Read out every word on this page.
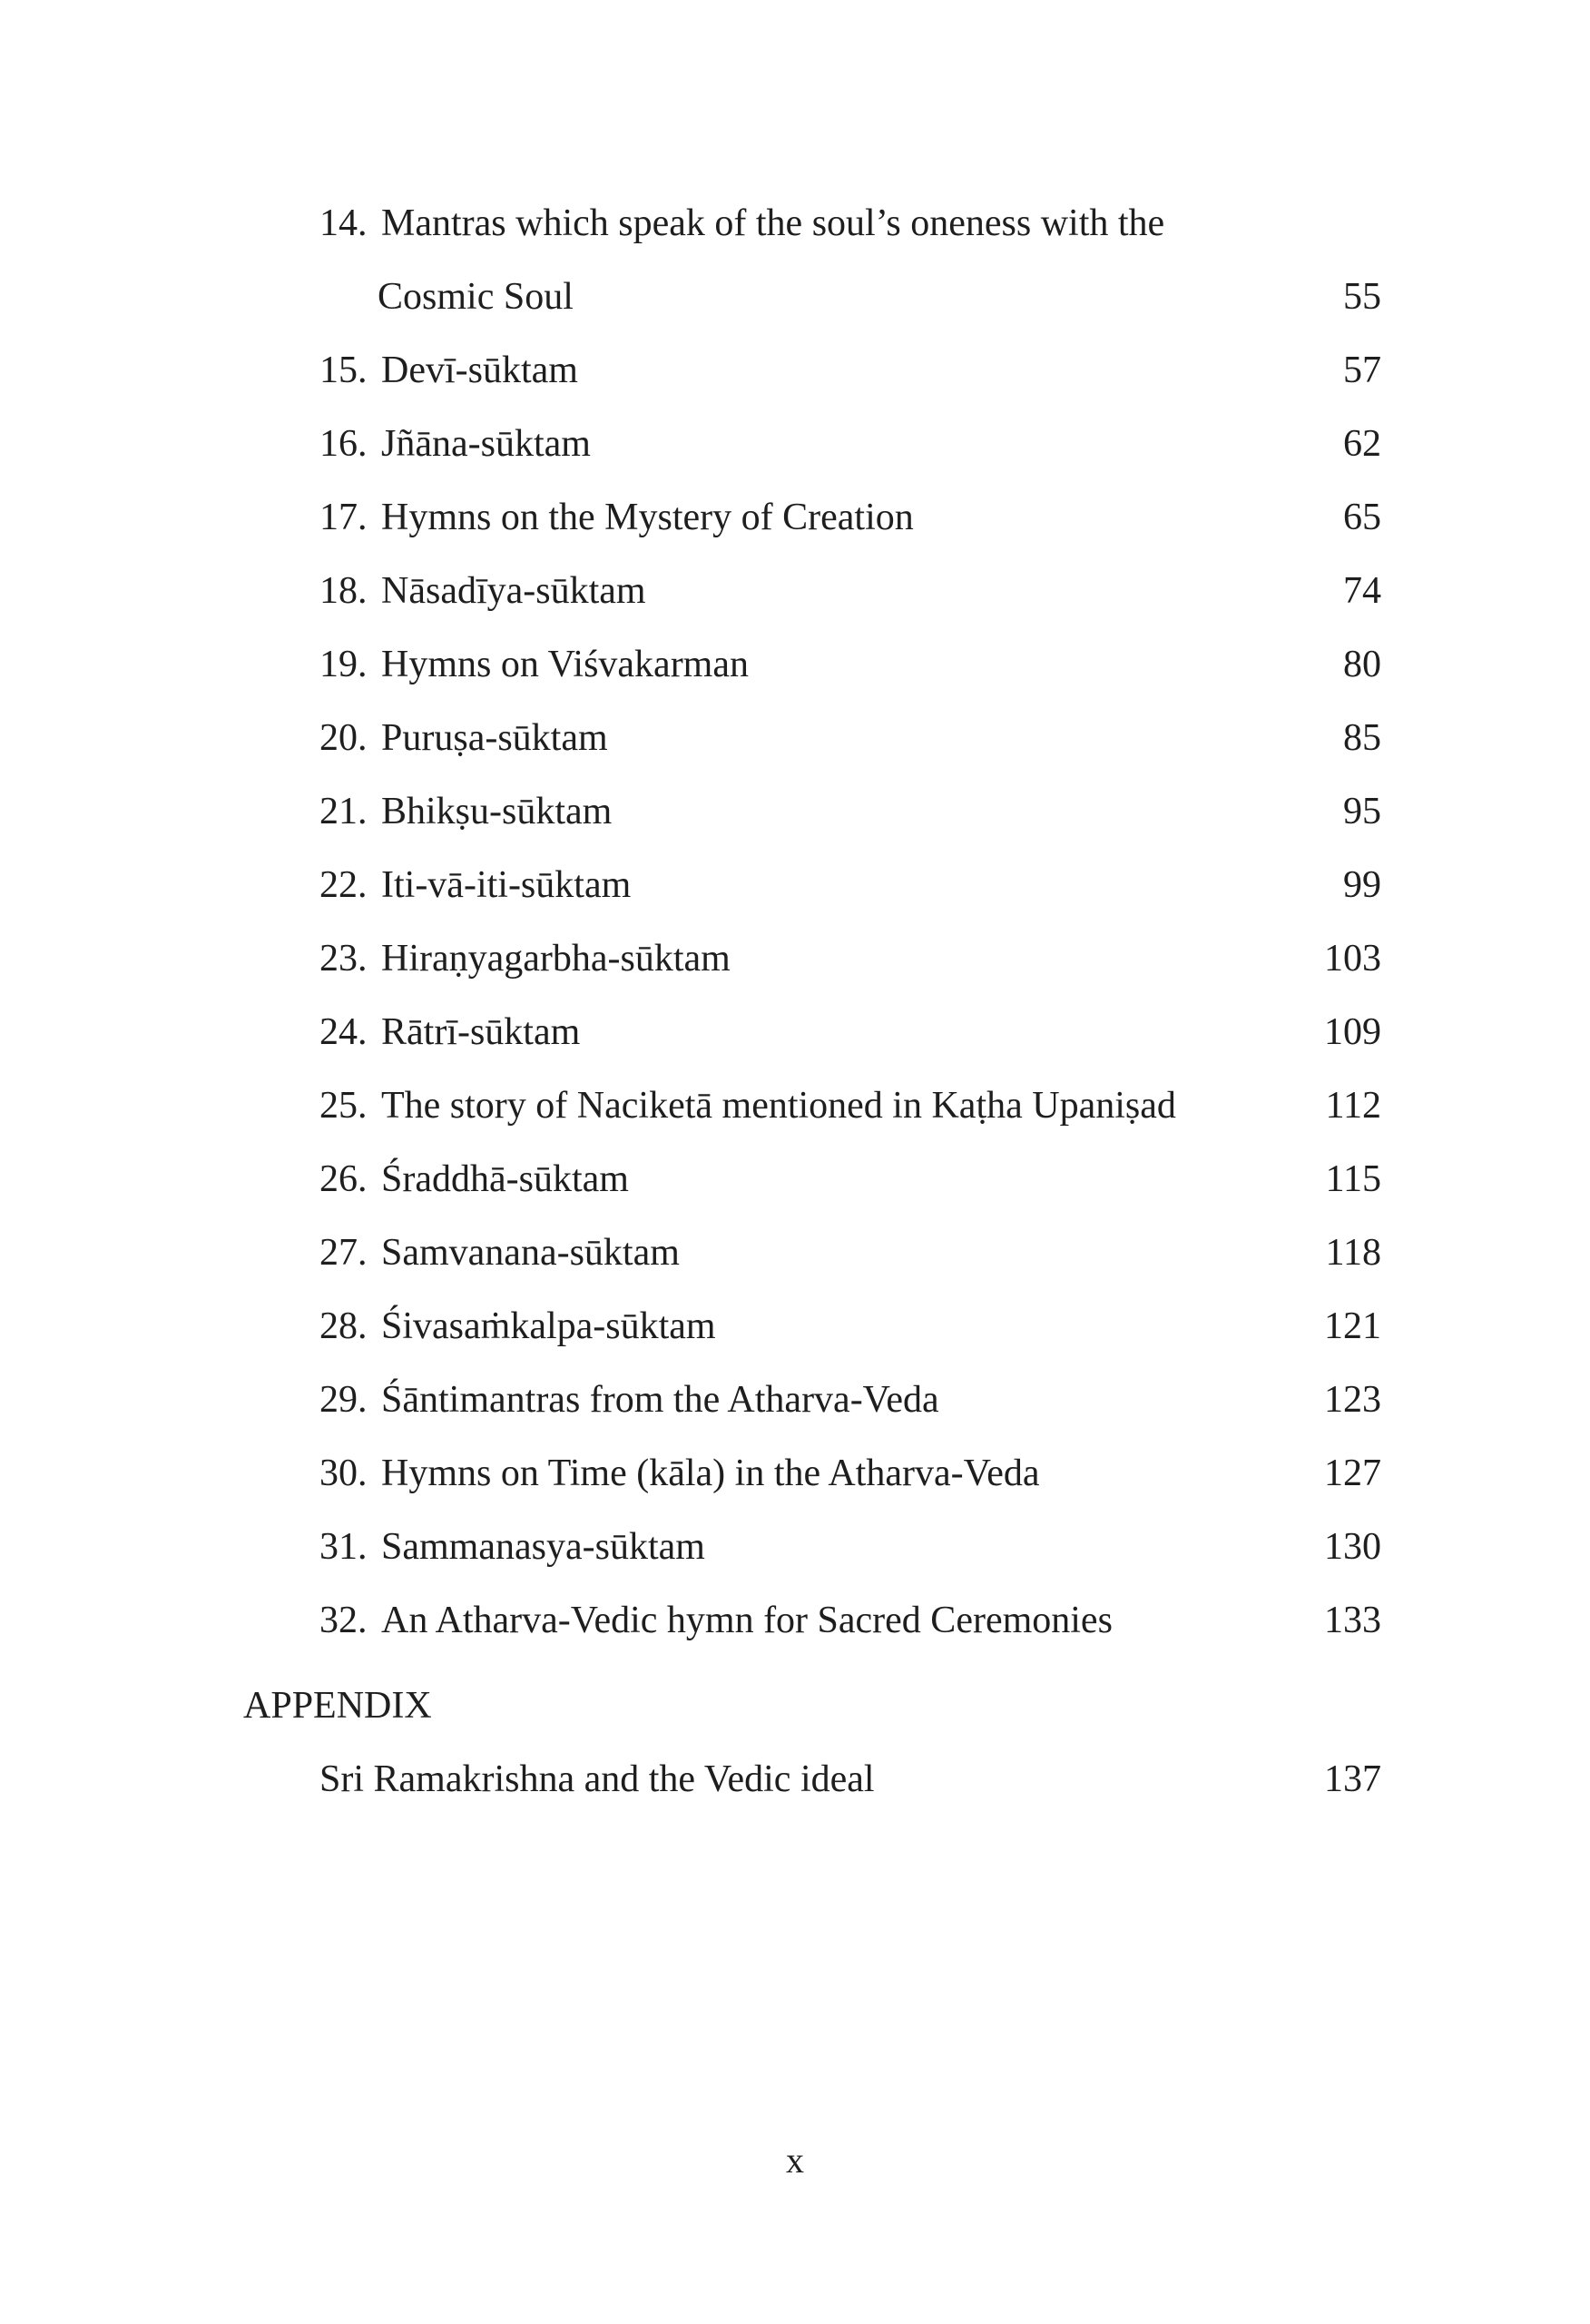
14. Mantras which speak of the soul’s oneness with the
Cosmic Soul	55
15. Devī-sūktam	57
16. Jñāna-sūktam	62
17. Hymns on the Mystery of Creation	65
18. Nāsadīya-sūktam	74
19. Hymns on Viśvakarman	80
20. Puruṣa-sūktam	85
21. Bhikṣu-sūktam	95
22. Iti-vā-iti-sūktam	99
23. Hiraṇyagarbha-sūktam	103
24. Rātrī-sūktam	109
25. The story of Naciketā mentioned in Kaṭha Upaniṣad	112
26. Śraddhā-sūktam	115
27. Samvanana-sūktam	118
28. Śivasaṁkalpa-sūktam	121
29. Śāntimantras from the Atharva-Veda	123
30. Hymns on Time (kāla) in the Atharva-Veda	127
31. Sammanasya-sūktam	130
32. An Atharva-Vedic hymn for Sacred Ceremonies	133
APPENDIX
Sri Ramakrishna and the Vedic ideal	137
x
